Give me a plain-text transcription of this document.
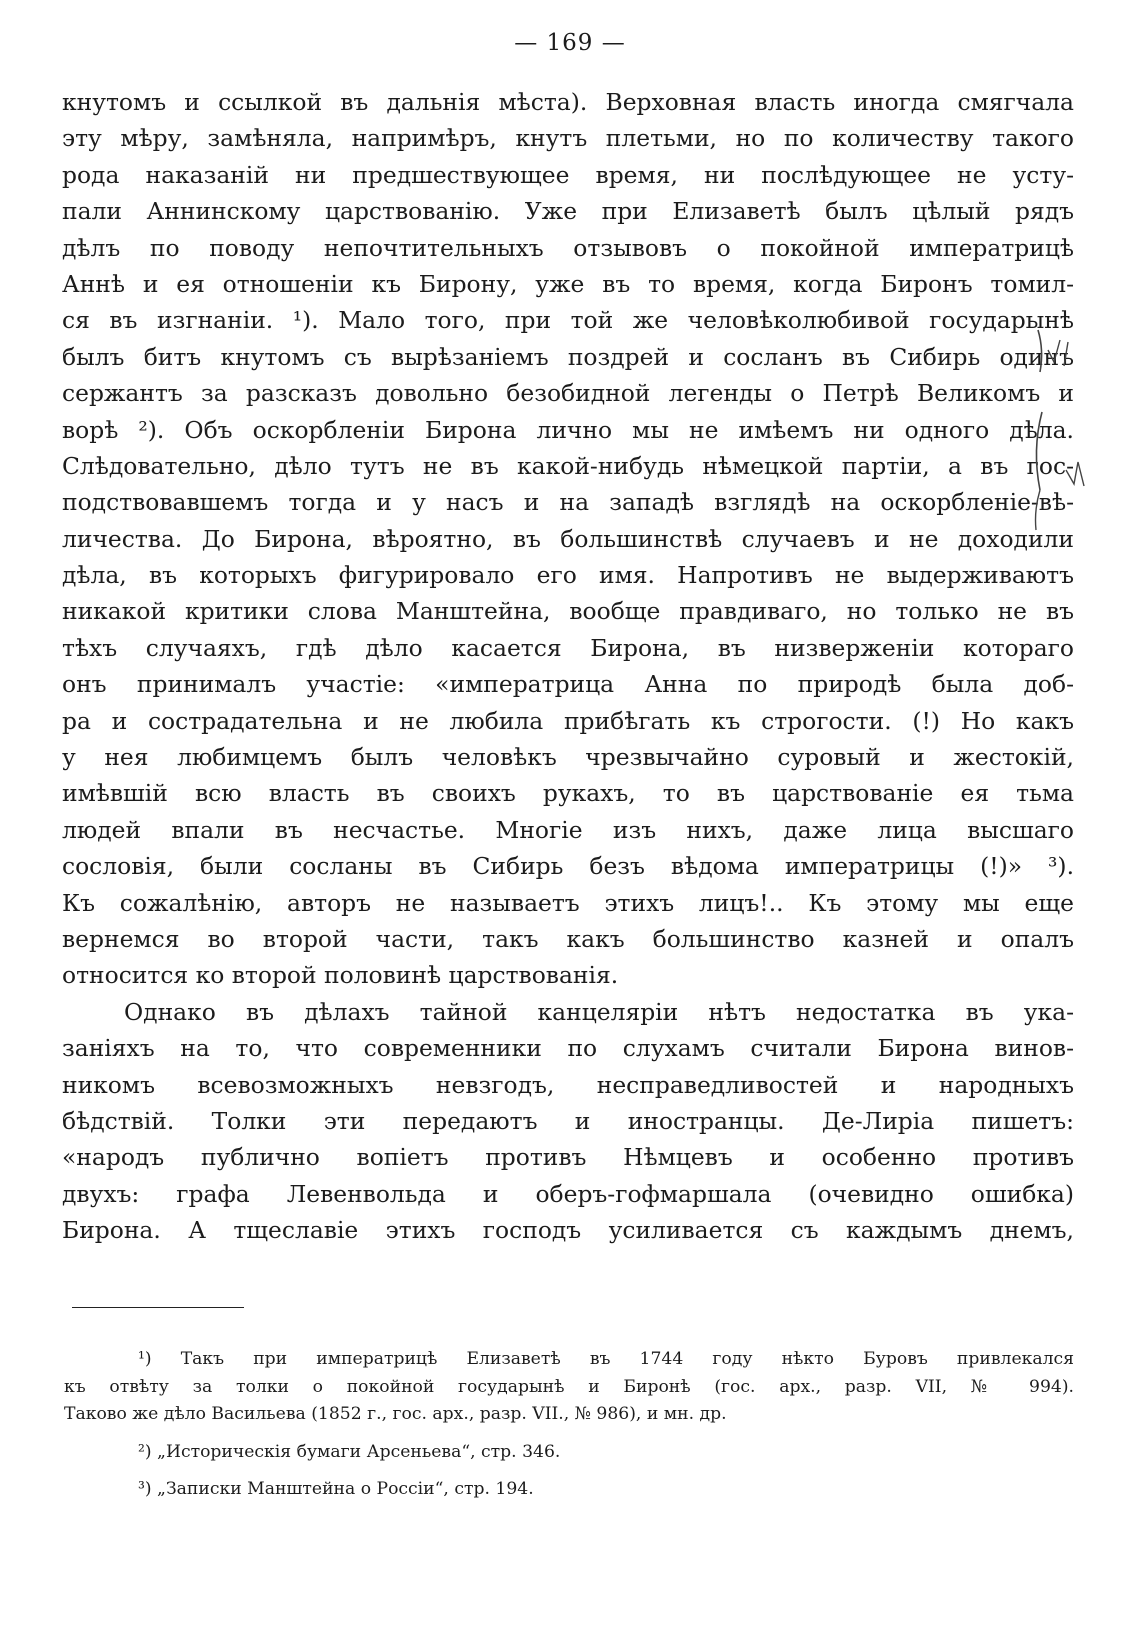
— 169 —
кнутомъ и ссылкой въ дальнія мѣста). Верховная власть иногда смягчала
эту мѣру, замѣняла, напримѣръ, кнутъ плетьми, но по количеству такого
рода наказаній ни предшествующее время, ни послѣдующее не усту-
пали Аннинскому царствованію. Уже при Елизаветѣ былъ цѣлый рядъ
дѣлъ по поводу непочтительныхъ отзывовъ о покойной императрицѣ
Аннѣ и ея отношеніи къ Бирону, уже въ то время, когда Биронъ томил-
ся въ изгнаніи. ¹). Мало того, при той же человѣколюбивой государынѣ
былъ битъ кнутомъ съ вырѣзаніемъ поздрей и сосланъ въ Сибирь одинъ
сержантъ за разсказъ довольно безобидной легенды о Петрѣ Великомъ и
ворѣ ²). Объ оскорбленіи Бирона лично мы не имѣемъ ни одного дѣла.
Слѣдовательно, дѣло тутъ не въ какой-нибудь нѣмецкой партіи, а въ гос-
подствовавшемъ тогда и у насъ и на западѣ взглядѣ на оскорбленіе-вѣ-
личества. До Бирона, вѣроятно, въ большинствѣ случаевъ и не доходили
дѣла, въ которыхъ фигурировало его имя. Напротивъ не выдерживаютъ
никакой критики слова Манштейна, вообще правдиваго, но только не въ
тѣхъ случаяхъ, гдѣ дѣло касается Бирона, въ низверженіи котораго
онъ принималъ участіе: «императрица Анна по природѣ была доб-
ра и сострадательна и не любила прибѣгать къ строгости. (!) Но какъ
у нея любимцемъ былъ человѣкъ чрезвычайно суровый и жестокій,
имѣвшій всю власть въ своихъ рукахъ, то въ царствованіе ея тьма
людей впали въ несчастье. Многіе изъ нихъ, даже лица высшаго
сословія, были сосланы въ Сибирь безъ вѣдома императрицы (!)» ³).
Къ сожалѣнію, авторъ не называетъ этихъ лицъ!.. Къ этому мы еще
вернемся во второй части, такъ какъ большинство казней и опалъ
относится ко второй половинѣ царствованія.
Однако въ дѣлахъ тайной канцеляріи нѣтъ недостатка въ ука-
заніяхъ на то, что современники по слухамъ считали Бирона винов-
никомъ всевозможныхъ невзгодъ, несправедливостей и народныхъ
бѣдствій. Толки эти передаютъ и иностранцы. Де-Лиріа пишетъ:
«народъ публично вопіетъ противъ Нѣмцевъ и особенно противъ
двухъ: графа Левенвольда и оберъ-гофмаршала (очевидно ошибка)
Бирона. А тщеславіе этихъ господъ усиливается съ каждымъ днемъ,
¹) Такъ при императрицѣ Елизаветѣ въ 1744 году нѣкто Буровъ привлекался
къ отвѣту за толки о покойной государынѣ и Биронѣ (гос. арх., разр. VII, № 994).
Таково же дѣло Васильева (1852 г., гос. арх., разр. VII., № 986), и мн. др.
²) „Историческія бумаги Арсеньева“, стр. 346.
³) „Записки Манштейна о Россіи“, стр. 194.
